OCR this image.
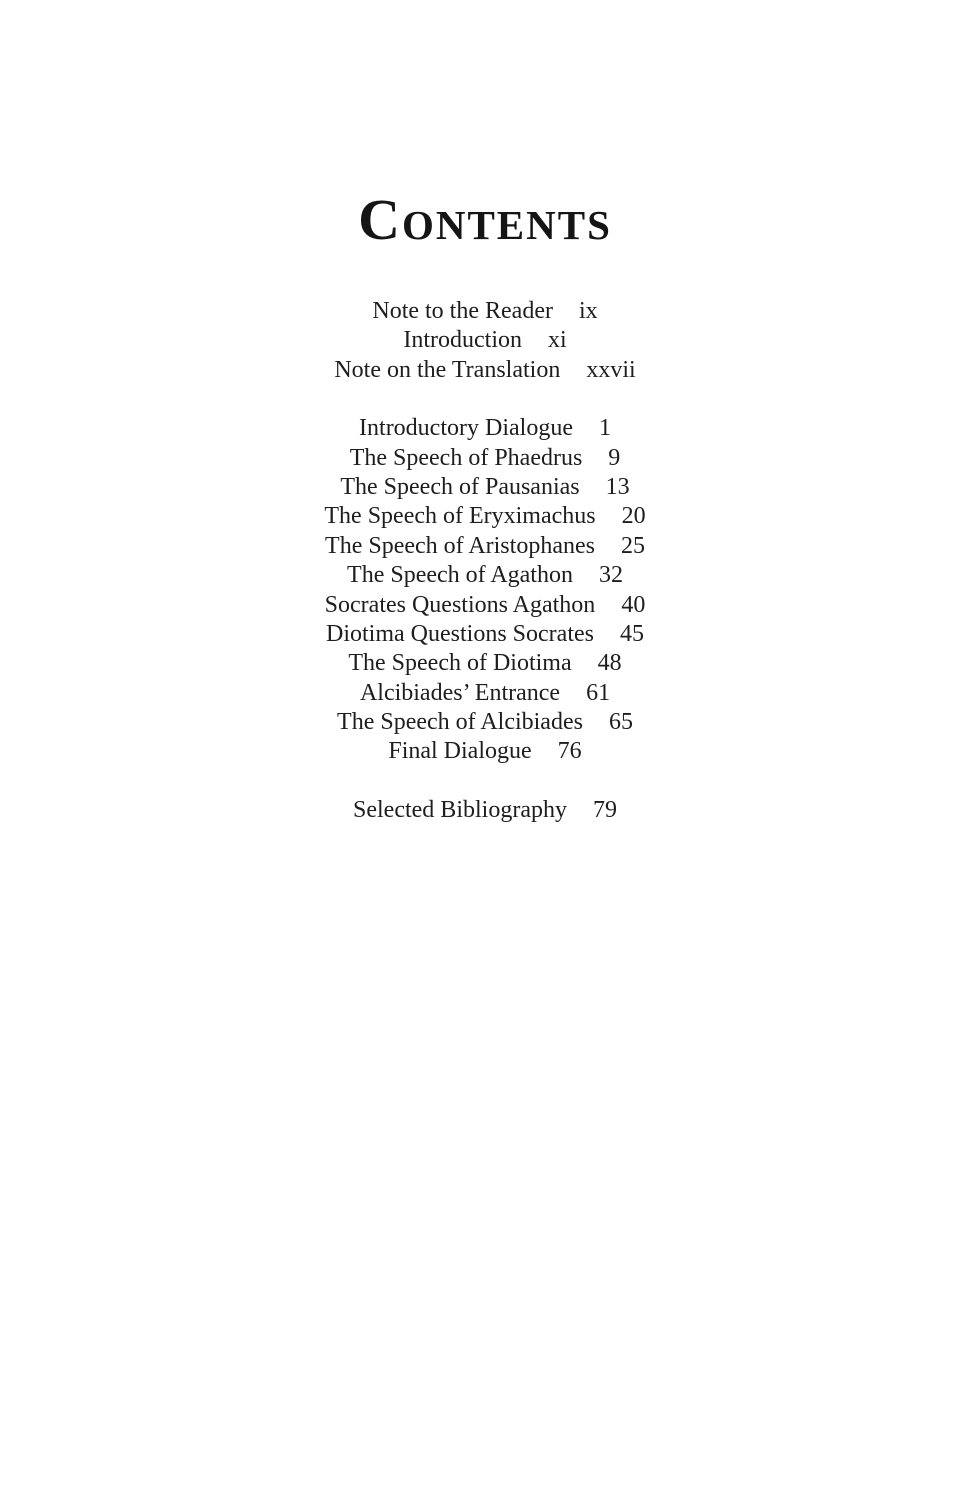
Contents
Note to the Reader ix
Introduction xi
Note on the Translation xxvii
Introductory Dialogue 1
The Speech of Phaedrus 9
The Speech of Pausanias 13
The Speech of Eryximachus 20
The Speech of Aristophanes 25
The Speech of Agathon 32
Socrates Questions Agathon 40
Diotima Questions Socrates 45
The Speech of Diotima 48
Alcibiades’ Entrance 61
The Speech of Alcibiades 65
Final Dialogue 76
Selected Bibliography 79
